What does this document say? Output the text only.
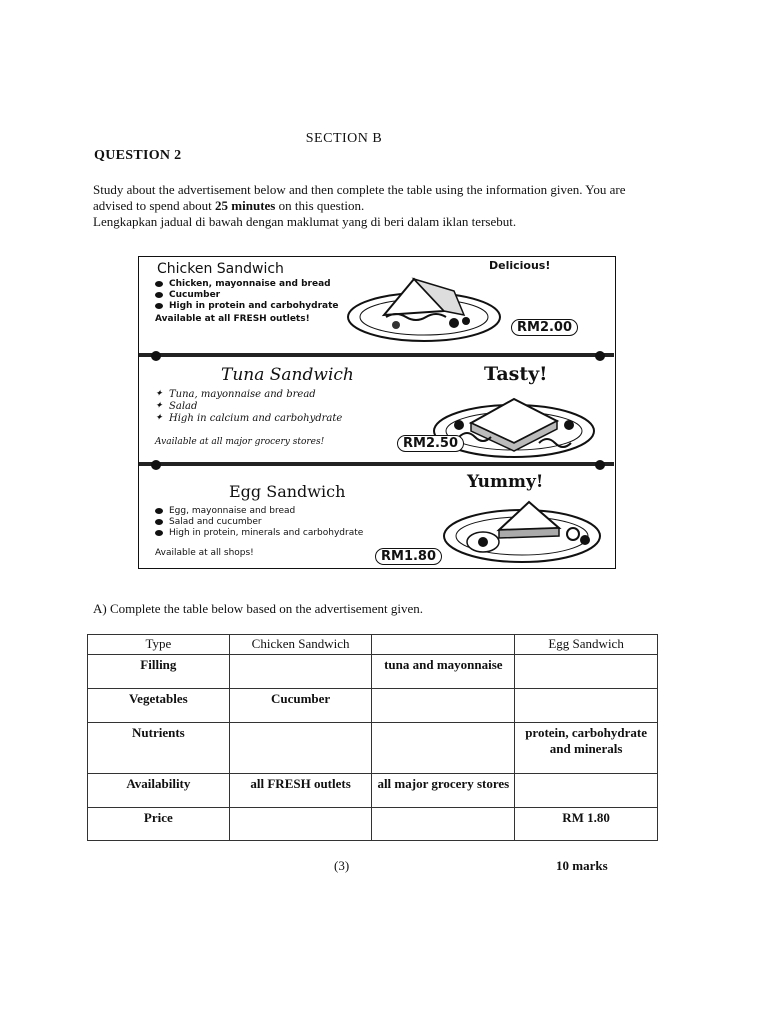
SECTION B
QUESTION 2
Study about the advertisement below and then complete the table using the information given. You are advised to spend about 25 minutes on this question.
Lengkapkan jadual di bawah dengan maklumat yang di beri dalam iklan tersebut.
Chicken Sandwich
Chicken, mayonnaise and bread
Cucumber
High in protein and carbohydrate
Available at all FRESH outlets!
Delicious!
RM2.00
Tuna Sandwich
✦ Tuna, mayonnaise and bread
✦ Salad
✦ High in calcium and carbohydrate
Available at all major grocery stores!
Tasty!
RM2.50
Egg Sandwich
Egg, mayonnaise and bread
Salad and cucumber
High in protein, minerals and carbohydrate
Available at all shops!
Yummy!
RM1.80
A) Complete the table below based on the advertisement given.
Type	Chicken Sandwich		Egg Sandwich
Filling		tuna and mayonnaise	
Vegetables	Cucumber		
Nutrients			protein, carbohydrate and minerals
Availability	all FRESH outlets	all major grocery stores	
Price			RM 1.80
(3)	10 marks
